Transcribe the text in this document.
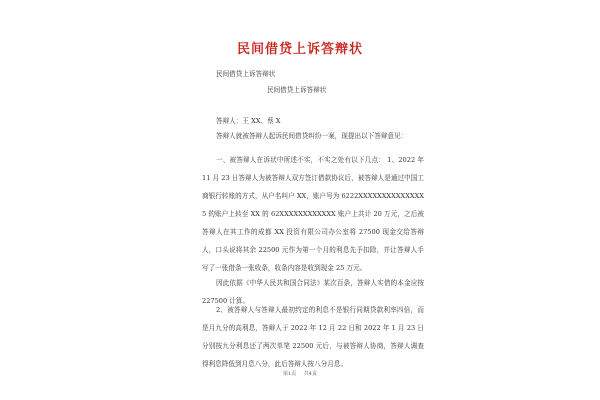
民间借贷上诉答辩状
民间借贷上诉答辩状
民间借贷上诉答辩状
答辩人：王 XX、蔡 X
答辩人就被答辩人起诉民间借贷纠纷一案，现提出以下答辩意见：
一、被答辩人在诉状中所述不实，不实之处有以下几点： 1、2022 年 11 月 23 日答辩人为被答辩人双方签订借款协议后，被答辩人是通过中国工商银行转账的方式，从户名叫户 XX，账户号为 6222XXXXXXXXXXXXXX5 的账户上转至 XX 的 62XXXXXXXXXXXX 账户上共计 20 万元，之后被答辩人在其工作的成都 XX 投资有限公司办公室将 27500 现金交给答辩人，口头说将其余 22500 元作为第一个月的利息先予扣除，并让答辩人手写了一张借条一张收条，收条内容是收到现金 25 万元。
因此依据《中华人民共和国合同法》某次百条，答辩人实借的本金应按 227500 计算。
2、被答辩人与答辩人最初约定的利息不是银行同期贷款利率四倍，而是月九分的高利息，答辩人于 2022 年 12 月 22 日和 2022 年 1 月 23 日分别按九分利息还了两次单笔 22500 元后，与被答辩人协商，答辩人调查得利息降低到月息八分，此后答辩人按八分月息。
第1页 共4页
